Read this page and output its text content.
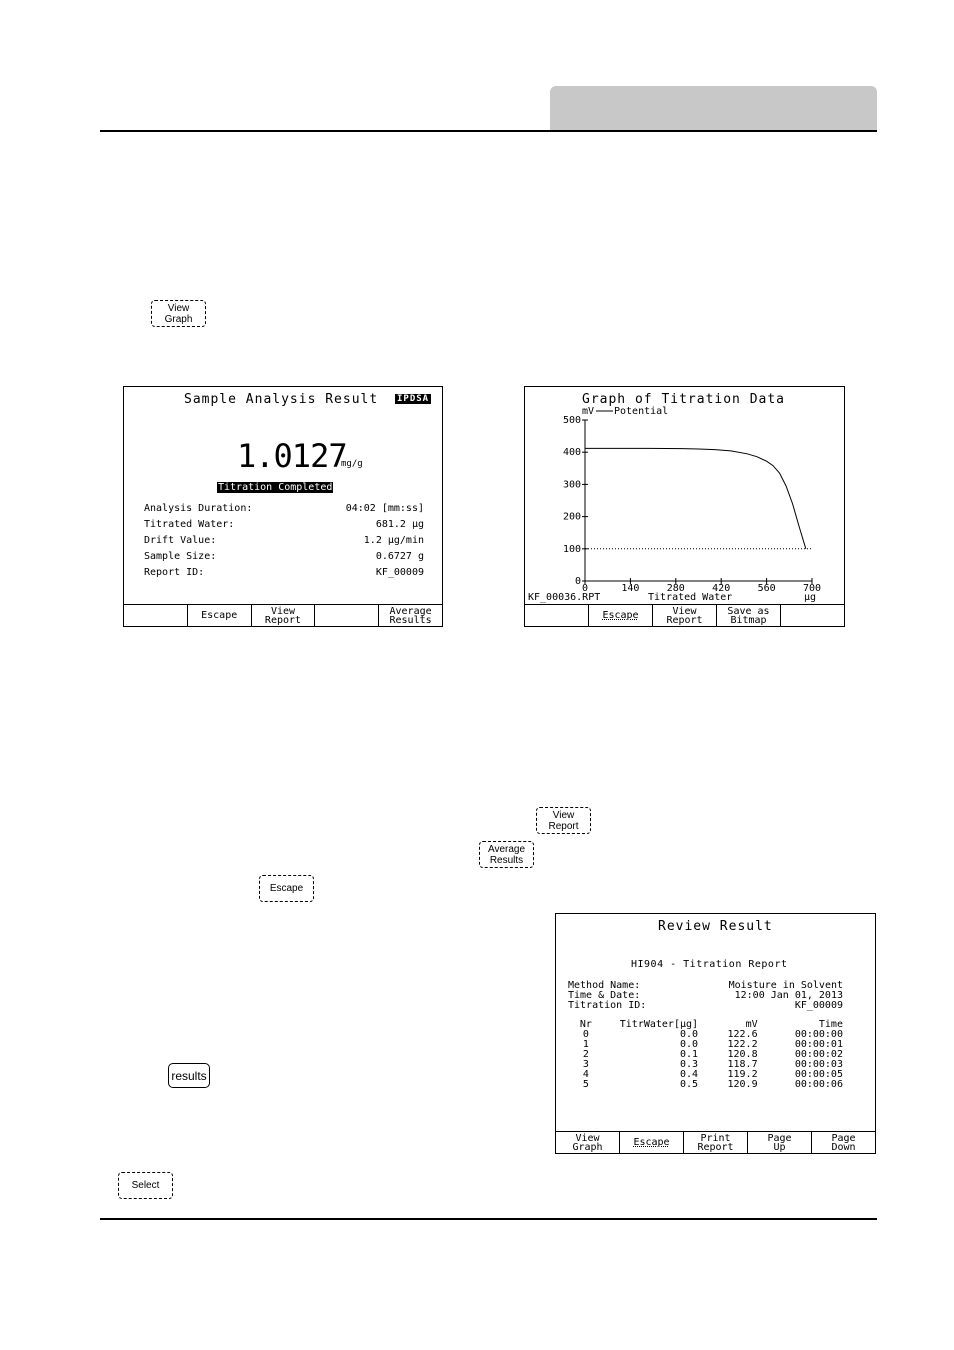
View
Graph
View
Report
Average
Results
Escape
results
Select
Sample Analysis Result IPDSA
1.0127
mg/g
Titration Completed
Analysis Duration:	04:02 [mm:ss]
Titrated Water:	681.2 µg
Drift Value:	1.2 µg/min
Sample Size:	0.6727 g
Report ID:	KF_00009
Escape	View
Report
Average
Results
Graph of Titration Data
0
100
200
300
400
500
0	140	280	420	560	700
mV Potential
KF_00036.RPT	Titrated Water	µg
Escape	View
Report
Save as
Bitmap
Review Result
HI904 - Titration Report
Method Name:	Moisture in Solvent
Time & Date:	12:00 Jan 01, 2013
Titration ID:	KF_00009
Nr	TitrWater[µg]	mV	Time
0	0.0	122.6	00:00:00
1	0.0	122.2	00:00:01
2	0.1	120.8	00:00:02
3	0.3	118.7	00:00:03
4	0.4	119.2	00:00:05
5	0.5	120.9	00:00:06
View
Graph	Escape	Print
Report
Page
Up
Page
Down
